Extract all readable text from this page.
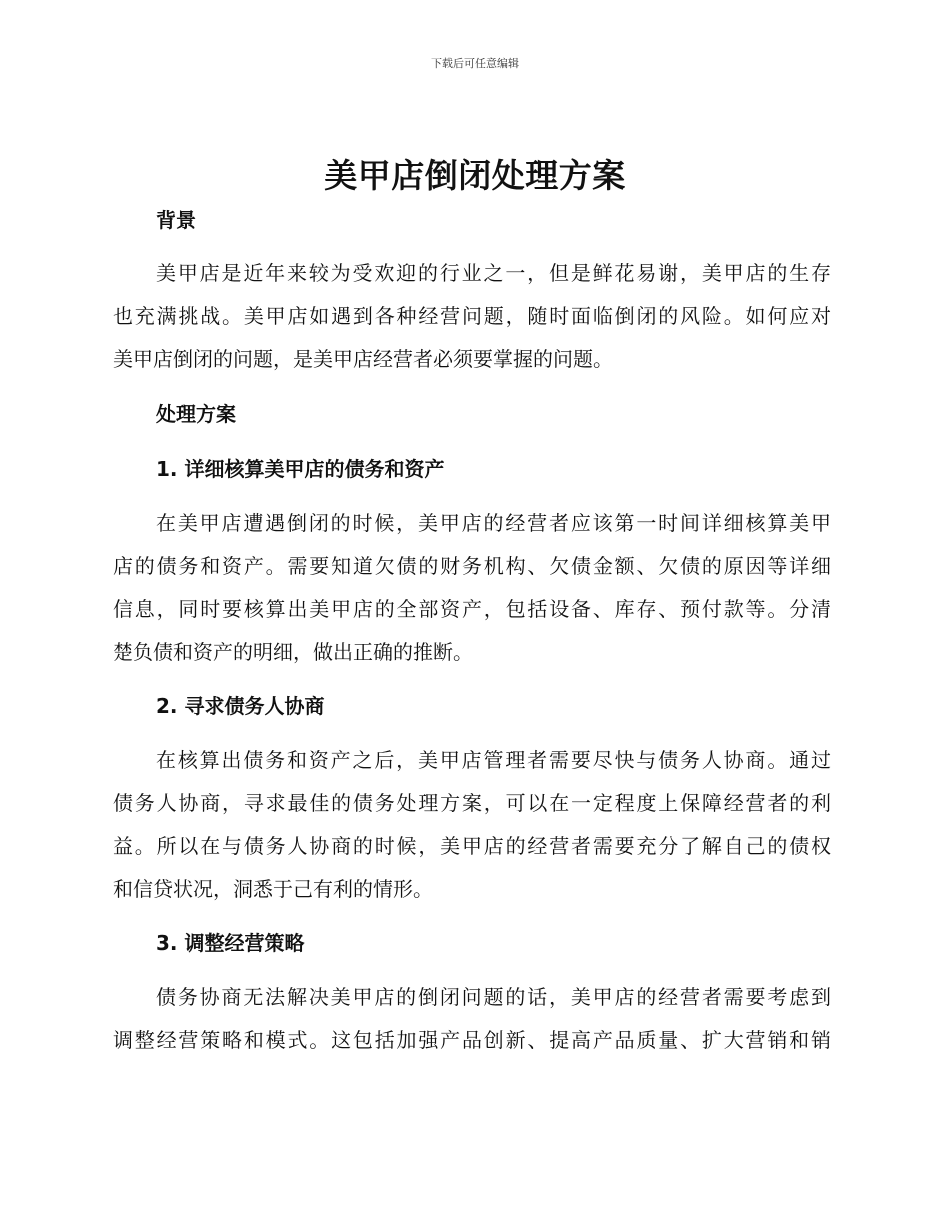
下载后可任意编辑
美甲店倒闭处理方案
背景
美甲店是近年来较为受欢迎的行业之一，但是鲜花易谢，美甲店的生存
也充满挑战。美甲店如遇到各种经营问题，随时面临倒闭的风险。如何应对
美甲店倒闭的问题，是美甲店经营者必须要掌握的问题。
处理方案
1. 详细核算美甲店的债务和资产
在美甲店遭遇倒闭的时候，美甲店的经营者应该第一时间详细核算美甲
店的债务和资产。需要知道欠债的财务机构、欠债金额、欠债的原因等详细
信息，同时要核算出美甲店的全部资产，包括设备、库存、预付款等。分清
楚负债和资产的明细，做出正确的推断。
2. 寻求债务人协商
在核算出债务和资产之后，美甲店管理者需要尽快与债务人协商。通过
债务人协商，寻求最佳的债务处理方案，可以在一定程度上保障经营者的利
益。所以在与债务人协商的时候，美甲店的经营者需要充分了解自己的债权
和信贷状况，洞悉于己有利的情形。
3. 调整经营策略
债务协商无法解决美甲店的倒闭问题的话，美甲店的经营者需要考虑到
调整经营策略和模式。这包括加强产品创新、提高产品质量、扩大营销和销
